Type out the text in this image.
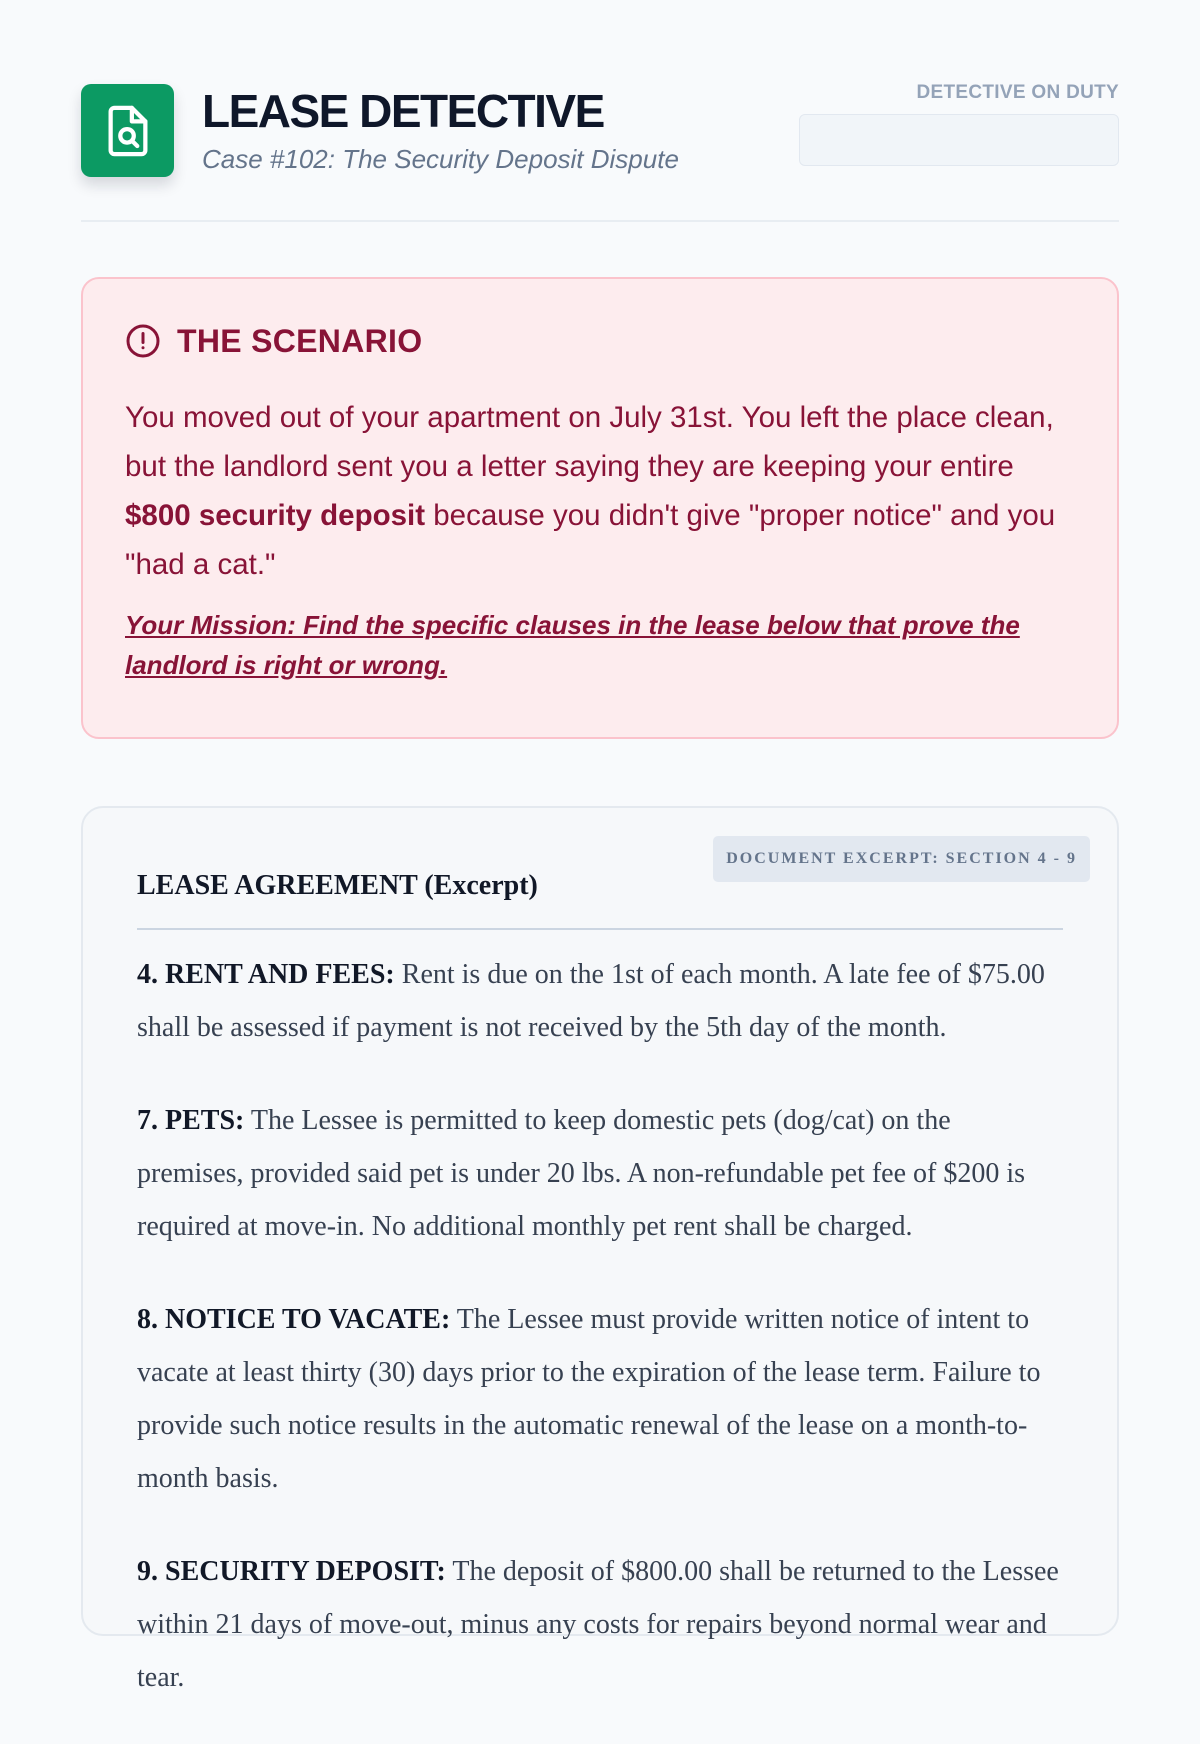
LEASE DETECTIVE
Case #102: The Security Deposit Dispute
DETECTIVE ON DUTY
THE SCENARIO

You moved out of your apartment on July 31st. You left the place clean, but the landlord sent you a letter saying they are keeping your entire $800 security deposit because you didn't give "proper notice" and you "had a cat."

Your Mission: Find the specific clauses in the lease below that prove the landlord is right or wrong.

DOCUMENT EXCERPT: SECTION 4 - 9
LEASE AGREEMENT (Excerpt)

4. RENT AND FEES: Rent is due on the 1st of each month. A late fee of $75.00 shall be assessed if payment is not received by the 5th day of the month.

7. PETS: The Lessee is permitted to keep domestic pets (dog/cat) on the premises, provided said pet is under 20 lbs. A non-refundable pet fee of $200 is required at move-in. No additional monthly pet rent shall be charged.

8. NOTICE TO VACATE: The Lessee must provide written notice of intent to vacate at least thirty (30) days prior to the expiration of the lease term. Failure to provide such notice results in the automatic renewal of the lease on a month-to-month basis.

9. SECURITY DEPOSIT: The deposit of $800.00 shall be returned to the Lessee within 21 days of move-out, minus any costs for repairs beyond normal wear and tear.
